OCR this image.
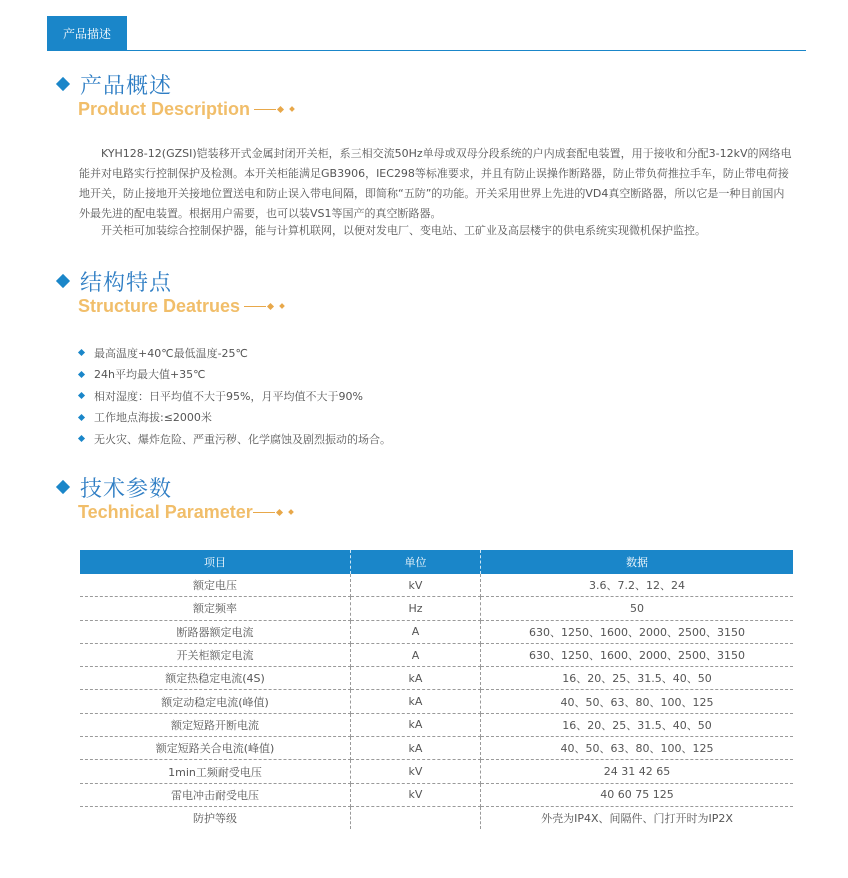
产品描述
产品概述
Product Description

KYH128-12(GZSI)铠装移开式金属封闭开关柜，系三相交流50Hz单母或双母分段系统的户内成套配电装置，用于接收和分配3-12kV的网络电能并对电路实行控制保护及检测。本开关柜能满足GB3906，IEC298等标准要求，并且有防止误操作断路器，防止带负荷推拉手车，防止带电荷接地开关，防止接地开关接地位置送电和防止误入带电间隔，即简称“五防”的功能。开关采用世界上先进的VD4真空断路器，所以它是一种目前国内外最先进的配电装置。根据用户需要，也可以装VS1等国产的真空断路器。

开关柜可加装综合控制保护器，能与计算机联网，以便对发电厂、变电站、工矿业及高层楼宇的供电系统实现微机保护监控。

结构特点
Structure Deatrues
最高温度+40℃最低温度-25℃
24h平均最大值+35℃
相对湿度：日平均值不大于95%，月平均值不大于90%
工作地点海拔:≤2000米
无火灾、爆炸危险、严重污秽、化学腐蚀及剧烈振动的场合。
技术参数
Technical Parameter
项目	单位	数据
额定电压	kV	3.6、7.2、12、24
额定频率	Hz	50
断路器额定电流	A	630、1250、1600、2000、2500、3150
开关柜额定电流	A	630、1250、1600、2000、2500、3150
额定热稳定电流(4S)	kA	16、20、25、31.5、40、50
额定动稳定电流(峰值)	kA	40、50、63、80、100、125
额定短路开断电流	kA	16、20、25、31.5、40、50
额定短路关合电流(峰值)	kA	40、50、63、80、100、125
1min工频耐受电压	kV	24 31 42 65
雷电冲击耐受电压	kV	40 60 75 125
防护等级		外壳为IP4X、间隔件、门打开时为IP2X
